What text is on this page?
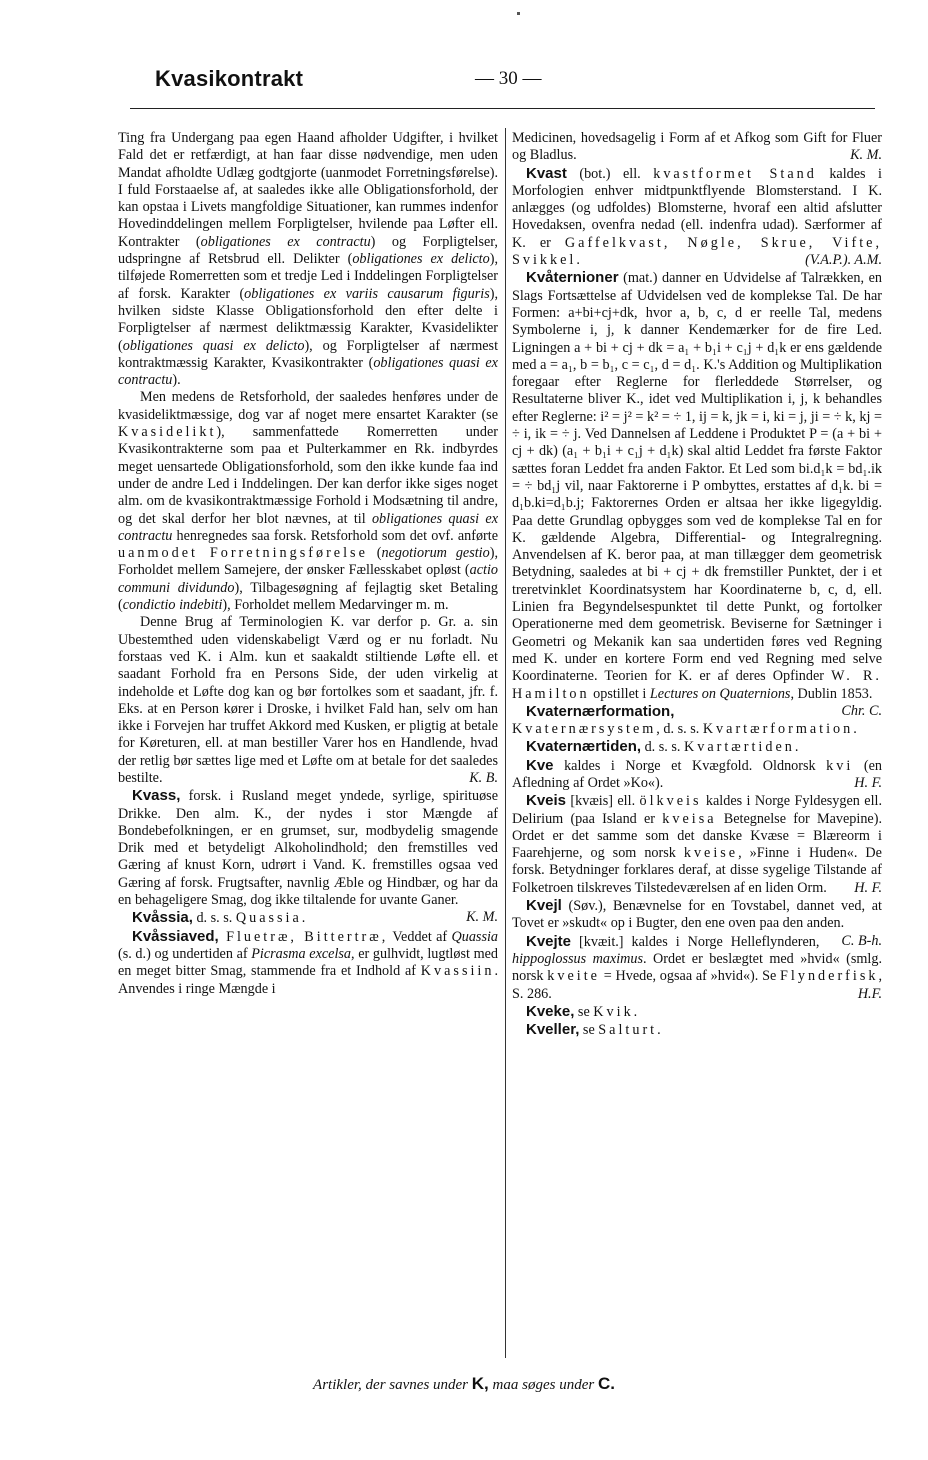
Kvasikontrakt	— 30 —

Ting fra Undergang paa egen Haand afholder Udgifter, i hvilket Fald det er retfærdigt, at han faar disse nødvendige, men uden Mandat afholdte Udlæg godtgjorte (uanmodet Forretningsførelse). I fuld Forstaaelse af, at saaledes ikke alle Obligationsforhold, der kan opstaa i Livets mangfoldige Situationer, kan rummes indenfor Hovedinddelingen mellem Forpligtelser, hvilende paa Løfter ell. Kontrakter (obligationes ex contractu) og Forpligtelser, udspringne af Retsbrud ell. Delikter (obligationes ex delicto), tilføjede Romerretten som et tredje Led i Inddelingen Forpligtelser af forsk. Karakter (obligationes ex variis causarum figuris), hvilken sidste Klasse Obligationsforhold den efter delte i Forpligtelser af nærmest deliktmæssig Karakter, Kvasidelikter (obligationes quasi ex delicto), og Forpligtelser af nærmest kontraktmæssig Karakter, Kvasikontrakter (obligationes quasi ex contractu).

Men medens de Retsforhold, der saaledes henføres under de kvasideliktmæssige, dog var af noget mere ensartet Karakter (se Kvasidelikt), sammenfattede Romerretten under Kvasikontrakterne som paa et Pulterkammer en Rk. indbyrdes meget uensartede Obligationsforhold, som den ikke kunde faa ind under de andre Led i Inddelingen. Der kan derfor ikke siges noget alm. om de kvasikontraktmæssige Forhold i Modsætning til andre, og det skal derfor her blot nævnes, at til obligationes quasi ex contractu henregnedes saa forsk. Retsforhold som det ovf. anførte uanmodet Forretningsførelse (negotiorum gestio), Forholdet mellem Samejere, der ønsker Fællesskabet opløst (actio communi dividundo), Tilbagesøgning af fejlagtig sket Betaling (condictio indebiti), Forholdet mellem Medarvinger m. m.

Denne Brug af Terminologien K. var derfor p. Gr. a. sin Ubestemthed uden videnskabeligt Værd og er nu forladt. Nu forstaas ved K. i Alm. kun et saakaldt stiltiende Løfte ell. et saadant Forhold fra en Persons Side, der uden virkelig at indeholde et Løfte dog kan og bør fortolkes som et saadant, jfr. f. Eks. at en Person kører i Droske, i hvilket Fald han, selv om han ikke i Forvejen har truffet Akkord med Kusken, er pligtig at betale for Køreturen, ell. at man bestiller Varer hos en Handlende, hvad der retlig bør sættes lige med et Løfte om at betale for det saaledes bestilte.	K. B.

Kvass, forsk. i Rusland meget yndede, syrlige, spirituøse Drikke. Den alm. K., der nydes i stor Mængde af Bondebefolkningen, er en grumset, sur, modbydelig smagende Drik med et betydeligt Alkoholindhold; den fremstilles ved Gæring af knust Korn, udrørt i Vand. K. fremstilles ogsaa ved Gæring af forsk. Frugtsafter, navnlig Æble og Hindbær, og har da en behageligere Smag, dog ikke tiltalende for uvante Ganer.
K. M.

Kvåssia, d. s. s. Quassia.

Kvåssiaved, Fluetræ, Bittertræ, Veddet af Quassia (s. d.) og undertiden af Picrasma excelsa, er gulhvidt, lugtløst med en meget bitter Smag, stammende fra et Indhold af Kvassiin. Anvendes i ringe Mængde i

Medicinen, hovedsagelig i Form af et Afkog som Gift for Fluer og Bladlus.	K. M.

Kvast (bot.) ell. kvastformet Stand kaldes i Morfologien enhver midtpunktflyende Blomsterstand. I K. anlægges (og udfoldes) Blomsterne, hvoraf een altid afslutter Hovedaksen, ovenfra nedad (ell. indenfra udad). Særformer af K. er Gaffelkvast, Nøgle, Skrue, Vifte, Svikkel.	(V.A.P.). A.M.

Kvåternioner (mat.) danner en Udvidelse af Talrækken, en Slags Fortsættelse af Udvidelsen ved de komplekse Tal. De har Formen: a+bi+cj+dk, hvor a, b, c, d er reelle Tal, medens Symbolerne i, j, k danner Kendemærker for de fire Led. Ligningen a + bi + cj + dk = a₁ + b₁i + c₁j + d₁k er ens gældende med a = a₁, b = b₁, c = c₁, d = d₁. K.'s Addition og Multiplikation foregaar efter Reglerne for flerleddede Størrelser, og Resultaterne bliver K., idet ved Multiplikation i, j, k behandles efter Reglerne: i² = j² = k² = ÷ 1, ij = k, jk = i, ki = j, ji = ÷ k, kj = ÷ i, ik = ÷ j. Ved Dannelsen af Leddene i Produktet P = (a + bi + cj + dk) (a₁ + b₁i + c₁j + d₁k) skal altid Leddet fra første Faktor sættes foran Leddet fra anden Faktor. Et Led som bi.d₁k = bd₁.ik = ÷ bd₁j vil, naar Faktorerne i P ombyttes, erstattes af d₁k. bi = d₁b.ki=d₁b.j; Faktorernes Orden er altsaa her ikke ligegyldig. Paa dette Grundlag opbygges som ved de komplekse Tal en for K. gældende Algebra, Differential- og Integralregning. Anvendelsen af K. beror paa, at man tillægger dem geometrisk Betydning, saaledes at bi + cj + dk fremstiller Punktet, der i et treretvinklet Koordinatsystem har Koordinaterne b, c, d, ell. Linien fra Begyndelsespunktet til dette Punkt, og fortolker Operationerne med dem geometrisk. Beviserne for Sætninger i Geometri og Mekanik kan saa undertiden føres ved Regning med K. under en kortere Form end ved Regning med selve Koordinaterne. Teorien for K. er af deres Opfinder W. R. Hamilton opstillet i Lectures on Quaternions, Dublin 1853.
Chr. C.

Kvaternærformation, Kvaternærsystem, d. s. s. Kvartærformation.

Kvaternærtiden, d. s. s. Kvartærtiden.

Kve kaldes i Norge et Kvægfold. Oldnorsk kvi (en Afledning af Ordet »Ko«).	H. F.

Kveis [kvæis] ell. ölkveis kaldes i Norge Fyldesygen ell. Delirium (paa Island er kveisa Betegnelse for Mavepine). Ordet er det samme som det danske Kvæse = Blæreorm i Faarehjerne, og som norsk kveise, »Finne i Huden«. De forsk. Betydninger forklares deraf, at disse sygelige Tilstande af Folketroen tilskreves Tilstedeværelsen af en liden Orm.	H. F.

Kvejl (Søv.), Benævnelse for en Tovstabel, dannet ved, at Tovet er »skudt« op i Bugter, den ene oven paa den anden.
C. B-h.

Kvejte [kvæit.] kaldes i Norge Helleflynderen, hippoglossus maximus. Ordet er beslægtet med »hvid« (smlg. norsk kveite = Hvede, ogsaa af »hvid«). Se Flynderfisk, S. 286.	H.F.

Kveke, se Kvik.

Kveller, se Salturt.

Artikler, der savnes under K, maa søges under C.
